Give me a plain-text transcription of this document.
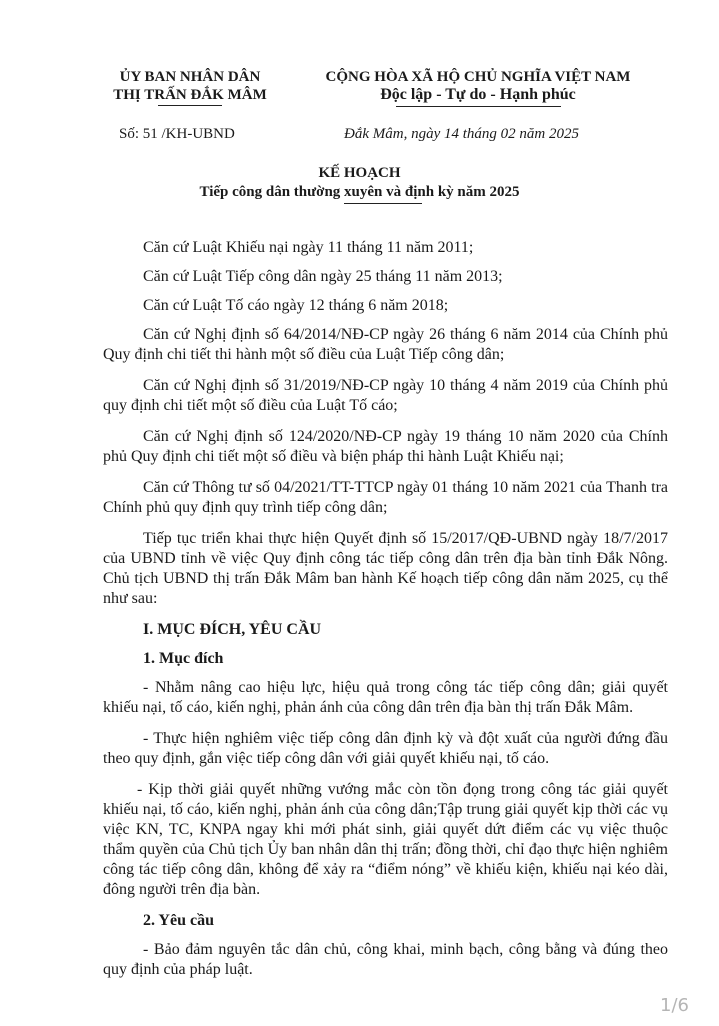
ỦY BAN NHÂN DÂN
THỊ TRẤN ĐẮK MÂM
CỘNG HÒA XÃ HỘ CHỦ NGHĨA VIỆT NAM
Độc lập - Tự do - Hạnh phúc
Số: 51 /KH-UBND	Đắk Mâm, ngày 14 tháng 02 năm 2025
KẾ HOẠCH
Tiếp công dân thường xuyên và định kỳ năm 2025

Căn cứ Luật Khiếu nại ngày 11 tháng 11 năm 2011;

Căn cứ Luật Tiếp công dân ngày 25 tháng 11 năm 2013;

Căn cứ Luật Tố cáo ngày 12 tháng 6 năm 2018;

Căn cứ Nghị định số 64/2014/NĐ-CP ngày 26 tháng 6 năm 2014 của Chính phủ Quy định chi tiết thi hành một số điều của Luật Tiếp công dân;

Căn cứ Nghị định số 31/2019/NĐ-CP ngày 10 tháng 4 năm 2019 của Chính phủ quy định chi tiết một số điều của Luật Tố cáo;

Căn cứ Nghị định số 124/2020/NĐ-CP ngày 19 tháng 10 năm 2020 của Chính phủ Quy định chi tiết một số điều và biện pháp thi hành Luật Khiếu nại;

Căn cứ Thông tư số 04/2021/TT-TTCP ngày 01 tháng 10 năm 2021 của Thanh tra Chính phủ quy định quy trình tiếp công dân;

Tiếp tục triển khai thực hiện Quyết định số 15/2017/QĐ-UBND ngày 18/7/2017 của UBND tỉnh về việc Quy định công tác tiếp công dân trên địa bàn tỉnh Đắk Nông. Chủ tịch UBND thị trấn Đắk Mâm ban hành Kế hoạch tiếp công dân năm 2025, cụ thể như sau:

I. MỤC ĐÍCH, YÊU CẦU
1. Mục đích

- Nhằm nâng cao hiệu lực, hiệu quả trong công tác tiếp công dân; giải quyết khiếu nại, tố cáo, kiến nghị, phản ánh của công dân trên địa bàn thị trấn Đắk Mâm.

- Thực hiện nghiêm việc tiếp công dân định kỳ và đột xuất của người đứng đầu theo quy định, gắn việc tiếp công dân với giải quyết khiếu nại, tố cáo.

- Kịp thời giải quyết những vướng mắc còn tồn đọng trong công tác giải quyết khiếu nại, tố cáo, kiến nghị, phản ánh của công dân;Tập trung giải quyết kịp thời các vụ việc KN, TC, KNPA ngay khi mới phát sinh, giải quyết dứt điểm các vụ việc thuộc thẩm quyền của Chủ tịch Ủy ban nhân dân thị trấn; đồng thời, chỉ đạo thực hiện nghiêm công tác tiếp công dân, không để xảy ra “điểm nóng” về khiếu kiện, khiếu nại kéo dài, đông người trên địa bàn.

2. Yêu cầu

- Bảo đảm nguyên tắc dân chủ, công khai, minh bạch, công bằng và đúng theo quy định của pháp luật.

1/6
